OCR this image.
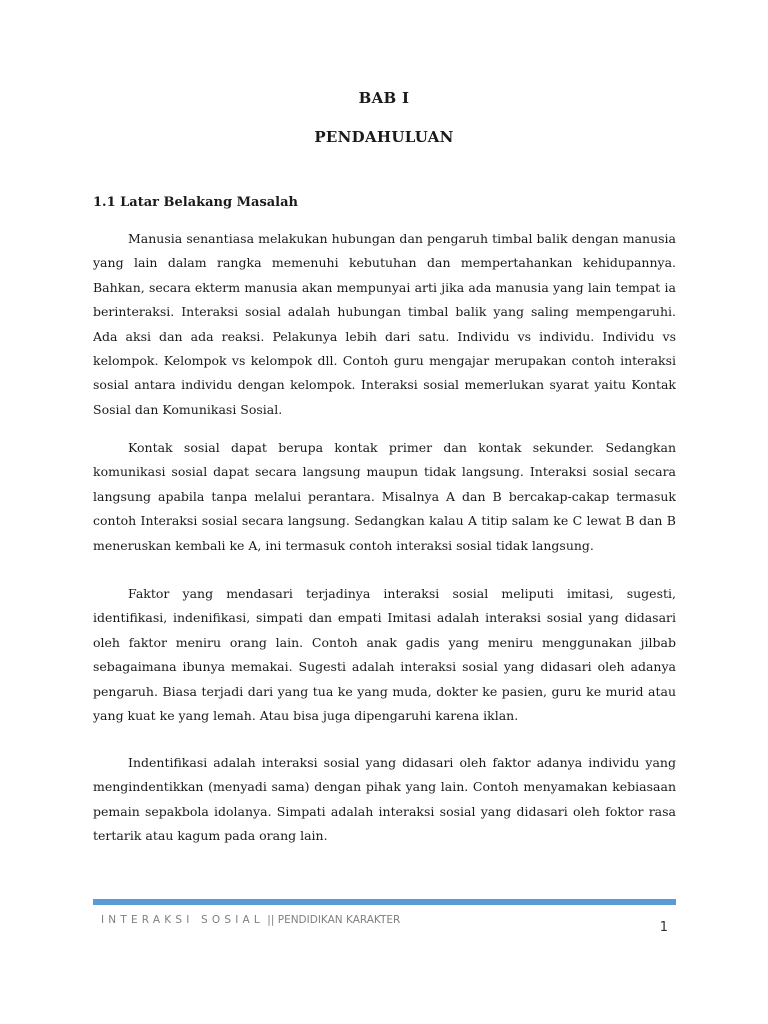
BAB I
PENDAHULUAN
1.1 Latar Belakang Masalah

Manusia senantiasa melakukan hubungan dan pengaruh timbal balik dengan manusia yang lain dalam rangka memenuhi kebutuhan dan mempertahankan kehidupannya. Bahkan, secara ekterm manusia akan mempunyai arti jika ada manusia yang lain tempat ia berinteraksi. Interaksi sosial adalah hubungan timbal balik yang saling mempengaruhi. Ada aksi dan ada reaksi. Pelakunya lebih dari satu. Individu vs individu. Individu vs kelompok. Kelompok vs kelompok dll. Contoh guru mengajar merupakan contoh interaksi sosial antara individu dengan kelompok. Interaksi sosial memerlukan syarat yaitu Kontak Sosial dan Komunikasi Sosial.

Kontak sosial dapat berupa kontak primer dan kontak sekunder. Sedangkan komunikasi sosial dapat secara langsung maupun tidak langsung. Interaksi sosial secara langsung apabila tanpa melalui perantara. Misalnya A dan B bercakap-cakap termasuk contoh Interaksi sosial secara langsung. Sedangkan kalau A titip salam ke C lewat B dan B meneruskan kembali ke A, ini termasuk contoh interaksi sosial tidak langsung.

Faktor yang mendasari terjadinya interaksi sosial meliputi imitasi, sugesti, identifikasi, indenifikasi, simpati dan empati Imitasi adalah interaksi sosial yang didasari oleh faktor meniru orang lain. Contoh anak gadis yang meniru menggunakan jilbab sebagaimana ibunya memakai. Sugesti adalah interaksi sosial yang didasari oleh adanya pengaruh. Biasa terjadi dari yang tua ke yang muda, dokter ke pasien, guru ke murid atau yang kuat ke yang lemah. Atau bisa juga dipengaruhi karena iklan.

Indentifikasi adalah interaksi sosial yang didasari oleh faktor adanya individu yang mengindentikkan (menyadi sama) dengan pihak yang lain. Contoh menyamakan kebiasaan pemain sepakbola idolanya. Simpati adalah interaksi sosial yang didasari oleh foktor rasa tertarik atau kagum pada orang lain.

INTERAKSI SOSIAL || PENDIDIKAN KARAKTER	1
